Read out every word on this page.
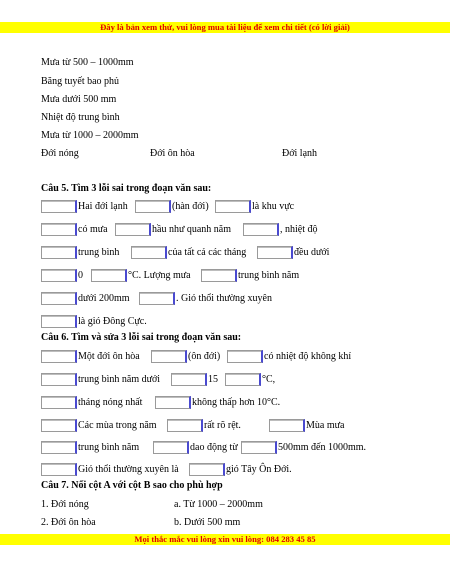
Đây là bản xem thử, vui lòng mua tài liệu để xem chi tiết (có lời giải)
Mưa từ 500 – 1000mm
Băng tuyết bao phủ
Mưa dưới 500 mm
Nhiệt độ trung bình
Mưa từ 1000 – 2000mm
Đới nóng	Đới ôn hòa	Đới lạnh
Câu 5. Tìm 3 lỗi sai trong đoạn văn sau:
Hai đới lạnh	(hàn đới)	là khu vực
có mưa	hầu như quanh năm	, nhiệt độ
trung bình	của tất cả các tháng	đều dưới
0	°C. Lượng mưa	trung bình năm
dưới 200mm	. Gió thổi thường xuyên
là gió Đông Cực.
Câu 6. Tìm và sửa 3 lỗi sai trong đoạn văn sau:
Một đới ôn hòa	(ôn đới)	có nhiệt độ không khí
trung bình năm dưới	15	°C,
tháng nóng nhất	không thấp hơn 10°C.
Các mùa trong năm	rất rõ rệt.	Mùa mưa
trung bình năm	dao động từ	500mm đến 1000mm.
Gió thổi thường xuyên là	gió Tây Ôn Đới.
Câu 7. Nối cột A với cột B sao cho phù hợp
1. Đới nóng	a. Từ 1000 – 2000mm
2. Đới ôn hòa	b. Dưới 500 mm
Mọi thắc mắc vui lòng xin vui lòng: 084 283 45 85
